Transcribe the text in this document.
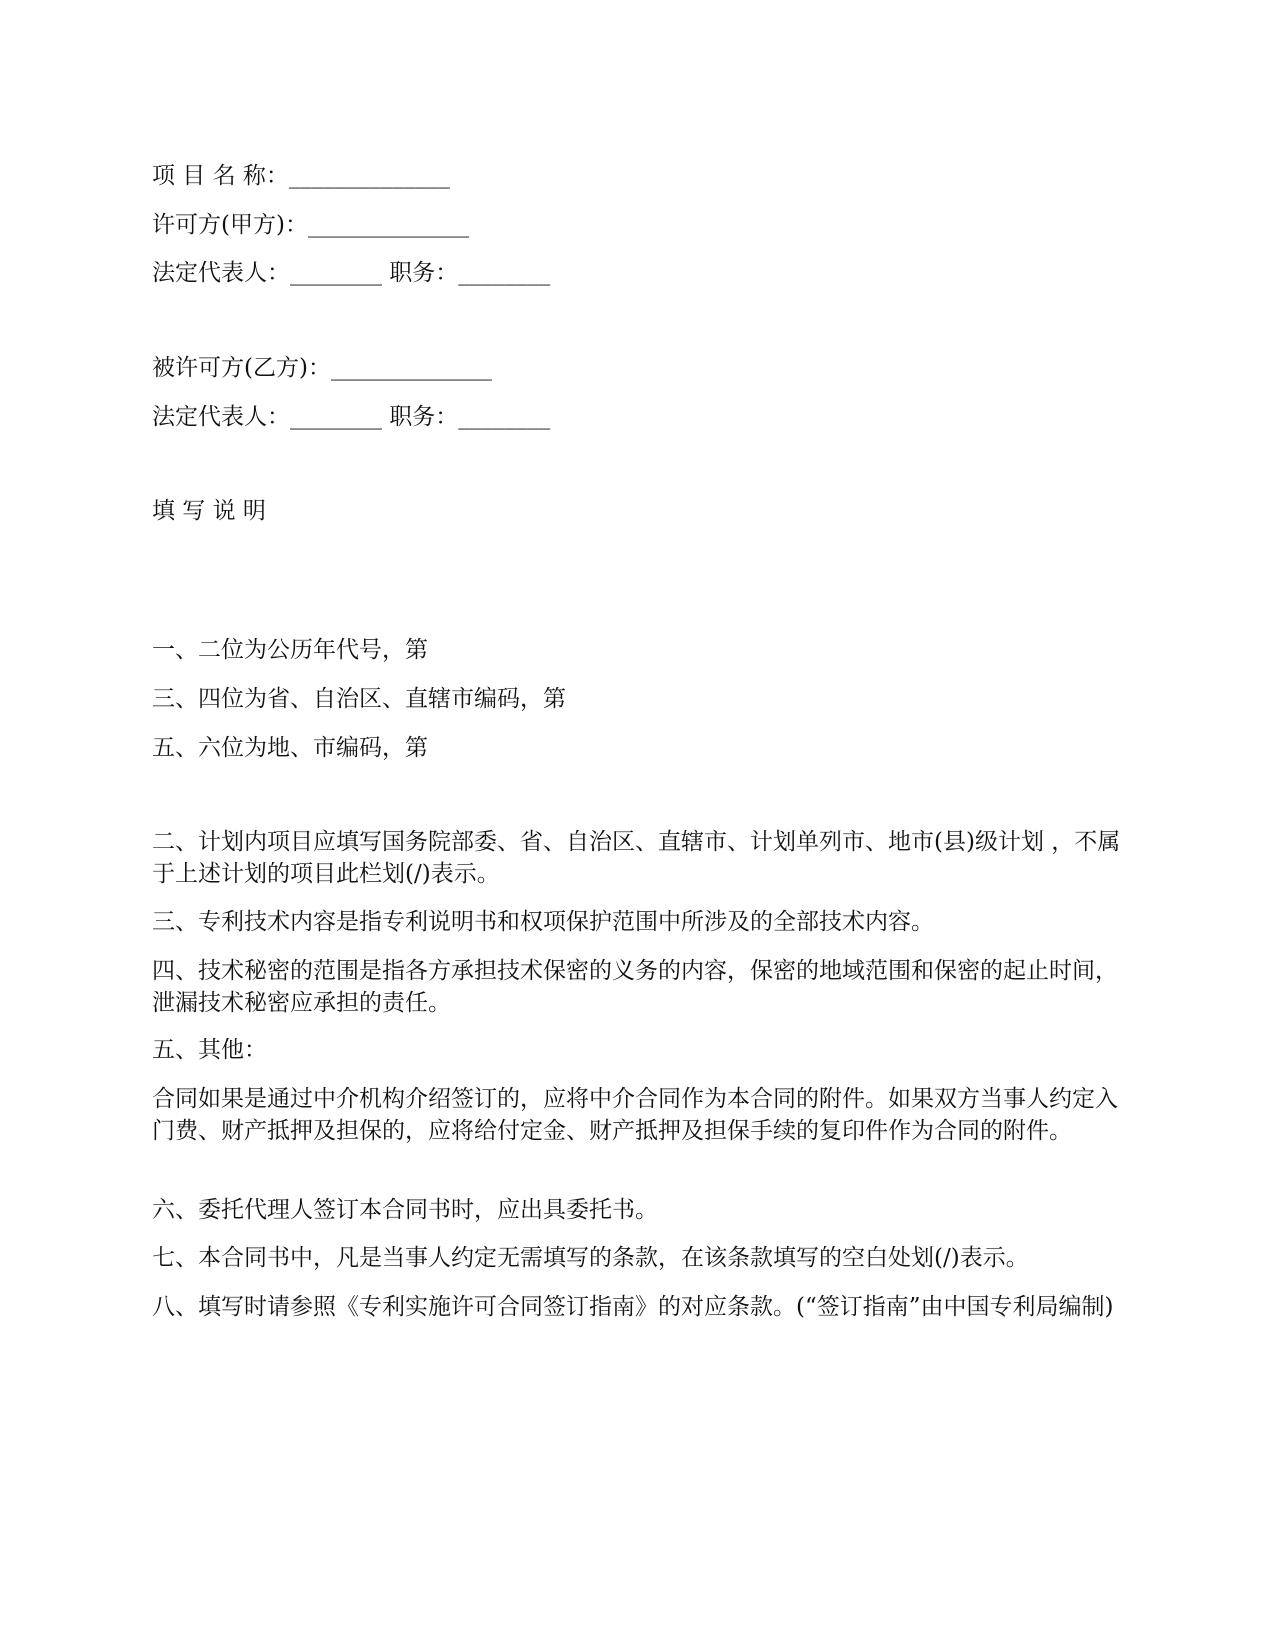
项 目 名 称：______________
许可方(甲方)：______________
法定代表人：________ 职务：________
被许可方(乙方)：______________
法定代表人：________ 职务：________
填 写 说 明
一、二位为公历年代号，第
三、四位为省、自治区、直辖市编码，第
五、六位为地、市编码，第
二、计划内项目应填写国务院部委、省、自治区、直辖市、计划单列市、地市(县)级计划 ，不属于上述计划的项目此栏划(/)表示。
三、专利技术内容是指专利说明书和权项保护范围中所涉及的全部技术内容。
四、技术秘密的范围是指各方承担技术保密的义务的内容，保密的地域范围和保密的起止时间，泄漏技术秘密应承担的责任。
五、其他：
合同如果是通过中介机构介绍签订的，应将中介合同作为本合同的附件。如果双方当事人约定入门费、财产抵押及担保的，应将给付定金、财产抵押及担保手续的复印件作为合同的附件。
六、委托代理人签订本合同书时，应出具委托书。
七、本合同书中，凡是当事人约定无需填写的条款，在该条款填写的空白处划(/)表示。
八、填写时请参照《专利实施许可合同签订指南》的对应条款。(“签订指南”由中国专利局编制)
